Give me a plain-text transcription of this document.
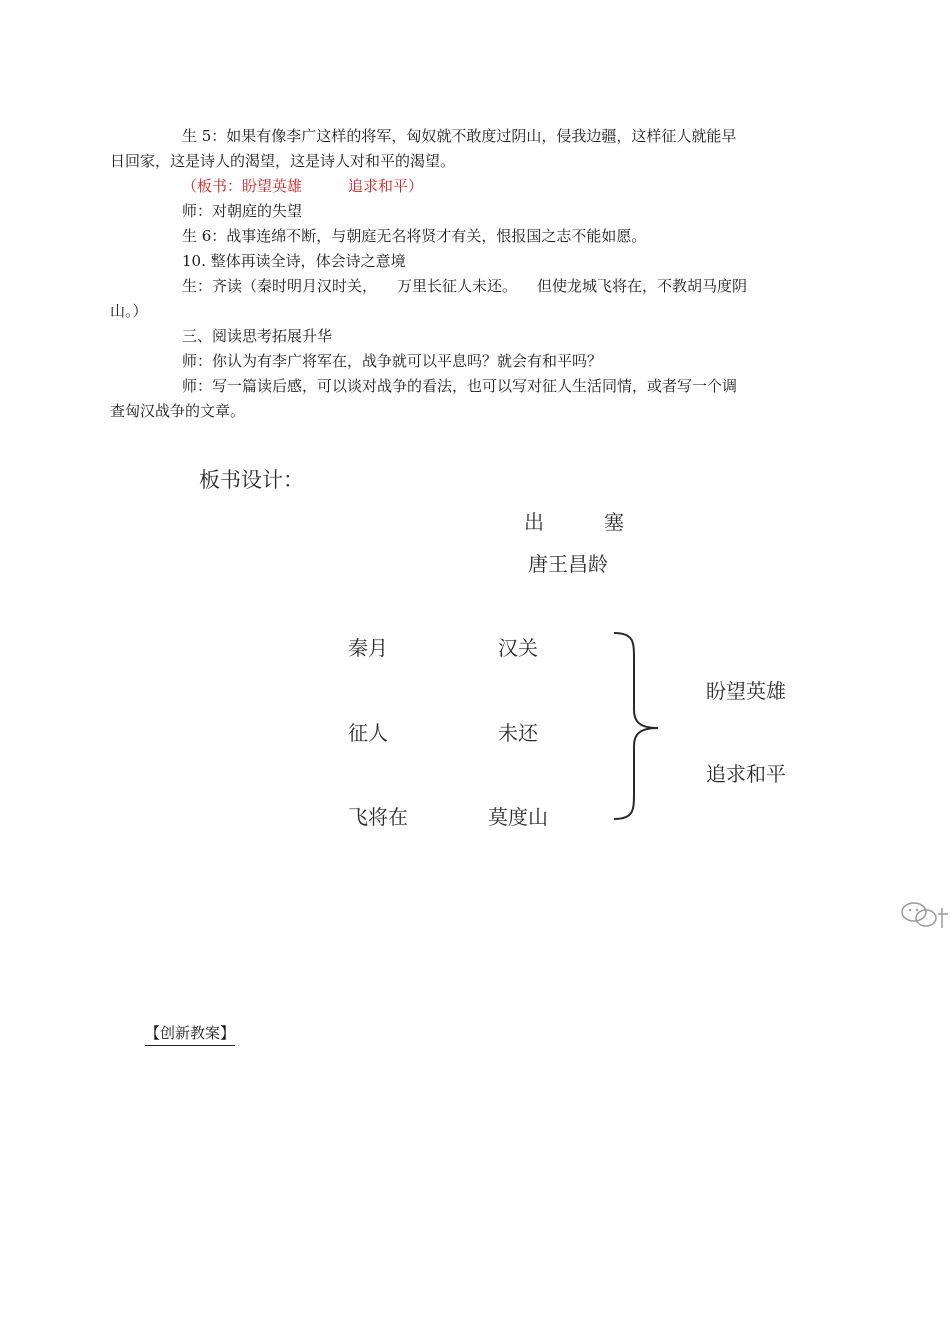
生 5：如果有像李广这样的将军，匈奴就不敢度过阴山，侵我边疆，这样征人就能早
日回家，这是诗人的渴望，这是诗人对和平的渴望。

（板书：盼望英雄	追求和平）

师：对朝庭的失望

生 6：战事连绵不断，与朝庭无名将贤才有关，恨报国之志不能如愿。

10. 整体再读全诗，体会诗之意境

生：齐读（秦时明月汉时关， 万里长征人未还。 但使龙城飞将在，不教胡马度阴
山。）

三、阅读思考拓展升华

师：你认为有李广将军在，战争就可以平息吗？就会有和平吗？

师：写一篇读后感，可以谈对战争的看法，也可以写对征人生活同情，或者写一个调
查匈汉战争的文章。

板书设计：
出	塞
唐王昌龄
秦月	汉关
征人	未还
飞将在	莫度山
盼望英雄
追求和平
【创新教案】
